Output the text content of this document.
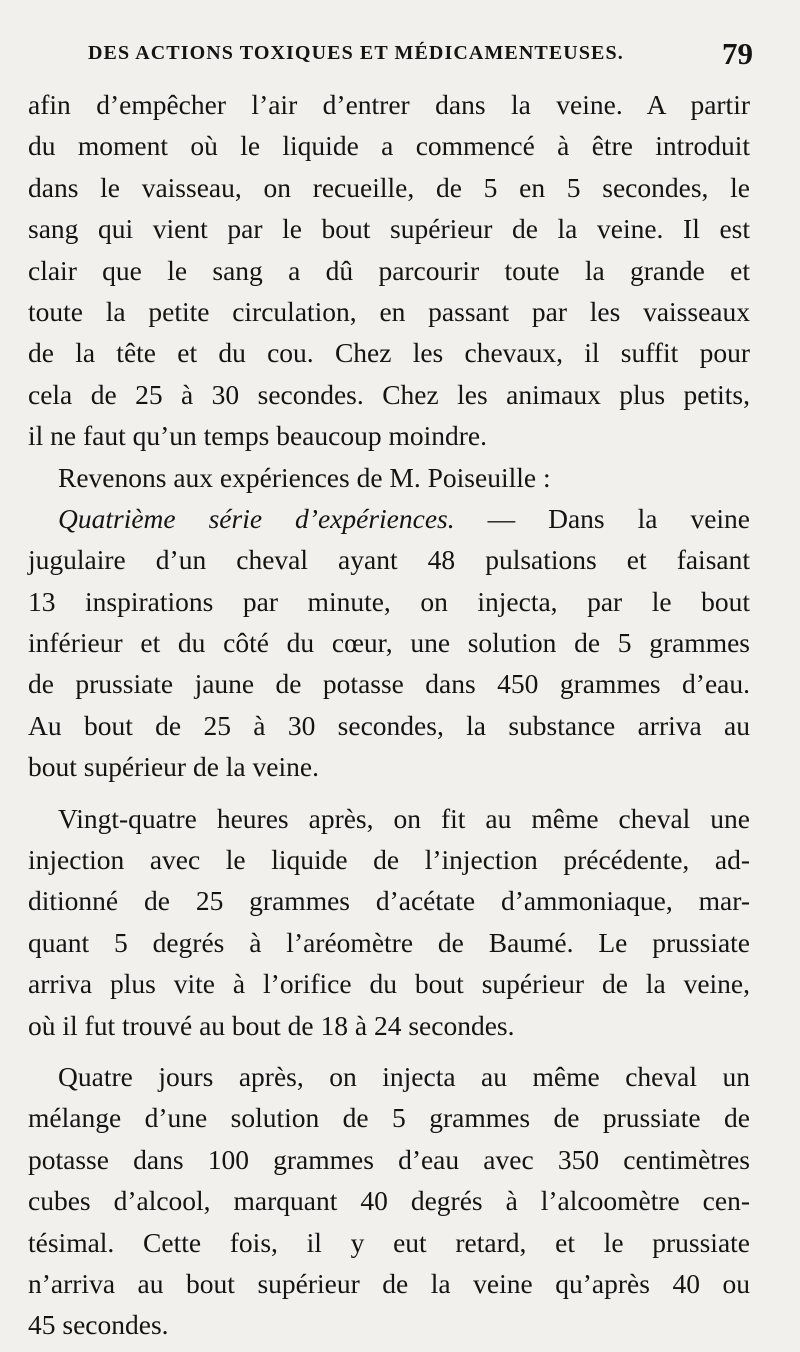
DES ACTIONS TOXIQUES ET MÉDICAMENTEUSES.	79
afin d’empêcher l’air d’entrer dans la veine. A partir
du moment où le liquide a commencé à être introduit
dans le vaisseau, on recueille, de 5 en 5 secondes, le
sang qui vient par le bout supérieur de la veine. Il est
clair que le sang a dû parcourir toute la grande et
toute la petite circulation, en passant par les vaisseaux
de la tête et du cou. Chez les chevaux, il suffit pour
cela de 25 à 30 secondes. Chez les animaux plus petits,
il ne faut qu’un temps beaucoup moindre.
Revenons aux expériences de M. Poiseuille :
Quatrième série d’expériences. — Dans la veine
jugulaire d’un cheval ayant 48 pulsations et faisant
13 inspirations par minute, on injecta, par le bout
inférieur et du côté du cœur, une solution de 5 grammes
de prussiate jaune de potasse dans 450 grammes d’eau.
Au bout de 25 à 30 secondes, la substance arriva au
bout supérieur de la veine.
Vingt-quatre heures après, on fit au même cheval une
injection avec le liquide de l’injection précédente, ad-
ditionné de 25 grammes d’acétate d’ammoniaque, mar-
quant 5 degrés à l’aréomètre de Baumé. Le prussiate
arriva plus vite à l’orifice du bout supérieur de la veine,
où il fut trouvé au bout de 18 à 24 secondes.
Quatre jours après, on injecta au même cheval un
mélange d’une solution de 5 grammes de prussiate de
potasse dans 100 grammes d’eau avec 350 centimètres
cubes d’alcool, marquant 40 degrés à l’alcoomètre cen-
tésimal. Cette fois, il y eut retard, et le prussiate
n’arriva au bout supérieur de la veine qu’après 40 ou
45 secondes.
